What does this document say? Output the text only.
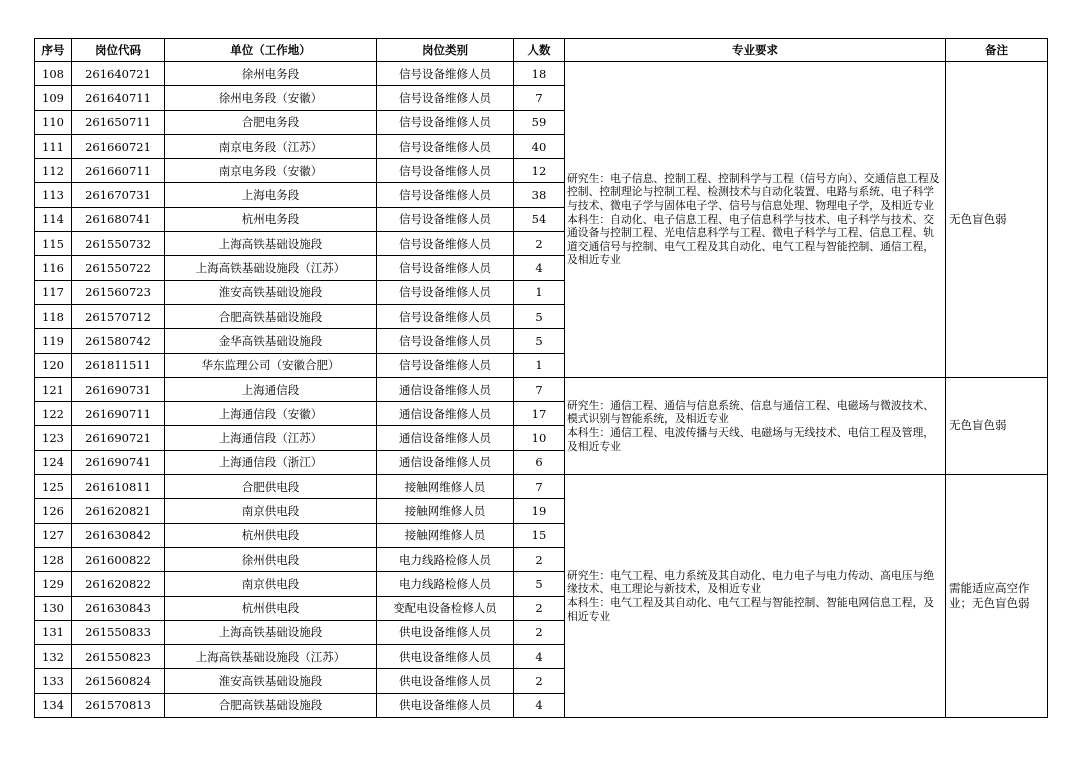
序号	岗位代码	单位（工作地）	岗位类别	人数	专业要求	备注
108	261640721	徐州电务段	信号设备维修人员	18	研究生：电子信息、控制工程、控制科学与工程（信号方向）、交通信息工程及控制、控制理论与控制工程、检测技术与自动化装置、电路与系统、电子科学与技术、微电子学与固体电子学、信号与信息处理、物理电子学，及相近专业
本科生：自动化、电子信息工程、电子信息科学与技术、电子科学与技术、交通设备与控制工程、光电信息科学与工程、微电子科学与工程、信息工程、轨道交通信号与控制、电气工程及其自动化、电气工程与智能控制、通信工程，及相近专业	无色盲色弱
109	261640711	徐州电务段（安徽）	信号设备维修人员	7		
110	261650711	合肥电务段	信号设备维修人员	59		
111	261660721	南京电务段（江苏）	信号设备维修人员	40		
112	261660711	南京电务段（安徽）	信号设备维修人员	12		
113	261670731	上海电务段	信号设备维修人员	38		
114	261680741	杭州电务段	信号设备维修人员	54		
115	261550732	上海高铁基础设施段	信号设备维修人员	2		
116	261550722	上海高铁基础设施段（江苏）	信号设备维修人员	4		
117	261560723	淮安高铁基础设施段	信号设备维修人员	1		
118	261570712	合肥高铁基础设施段	信号设备维修人员	5		
119	261580742	金华高铁基础设施段	信号设备维修人员	5		
120	261811511	华东监理公司（安徽合肥）	信号设备维修人员	1		
121	261690731	上海通信段	通信设备维修人员	7	研究生：通信工程、通信与信息系统、信息与通信工程、电磁场与微波技术、模式识别与智能系统，及相近专业
本科生：通信工程、电波传播与天线、电磁场与无线技术、电信工程及管理，及相近专业	无色盲色弱
122	261690711	上海通信段（安徽）	通信设备维修人员	17		
123	261690721	上海通信段（江苏）	通信设备维修人员	10		
124	261690741	上海通信段（浙江）	通信设备维修人员	6		
125	261610811	合肥供电段	接触网维修人员	7	研究生：电气工程、电力系统及其自动化、电力电子与电力传动、高电压与绝缘技术、电工理论与新技术，及相近专业
本科生：电气工程及其自动化、电气工程与智能控制、智能电网信息工程，及相近专业	需能适应高空作业；无色盲色弱
126	261620821	南京供电段	接触网维修人员	19		
127	261630842	杭州供电段	接触网维修人员	15		
128	261600822	徐州供电段	电力线路检修人员	2		
129	261620822	南京供电段	电力线路检修人员	5		
130	261630843	杭州供电段	变配电设备检修人员	2		
131	261550833	上海高铁基础设施段	供电设备维修人员	2		
132	261550823	上海高铁基础设施段（江苏）	供电设备维修人员	4		
133	261560824	淮安高铁基础设施段	供电设备维修人员	2		
134	261570813	合肥高铁基础设施段	供电设备维修人员	4		
